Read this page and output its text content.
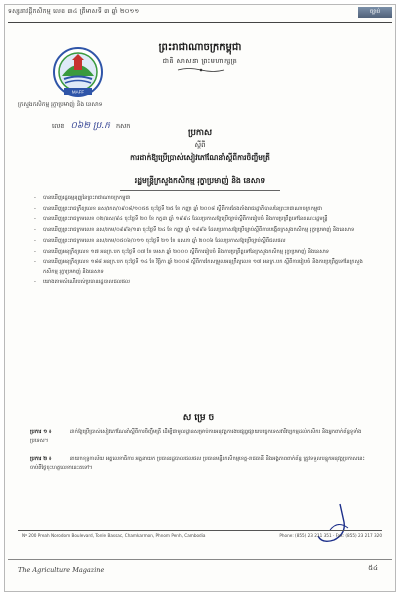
ទស្សនាវដ្ដីកសិកម្ម លេខ ៣៤ ត្រីមាសទី ៣ ឆ្នាំ ២០១១	ច្បាប់
MAFF
ព្រះរាជាណាចក្រកម្ពុជា
ជាតិ សាសនា ព្រះមហាក្សត្រ
ក្រសួងកសិកម្ម រុក្ខាប្រមាញ់ និង នេសាទ
លេខ ០៦២ ប្រ.ក កសក
ប្រកាស
ស្ដីពី
ការដាក់ឱ្យប្រើប្រាស់សៀវភៅណែនាំស្ដីពីការចិញ្ចឹមត្រី
រដ្ឋមន្ត្រីក្រសួងកសិកម្ម រុក្ខាប្រមាញ់ និង នេសាទ
- បានឃើញរដ្ឋធម្មនុញ្ញនៃព្រះរាជាណាចក្រកម្ពុជា
- បានឃើញព្រះរាជក្រឹត្យលេខ នស/រកត/០៩០៨/១០៥៥ ចុះថ្ងៃទី ២៥ ខែ កញ្ញា ឆ្នាំ ២០០៨ ស្ដីពីការតែងតាំងរាជរដ្ឋាភិបាលនៃព្រះរាជាណាចក្រកម្ពុជា
- បានឃើញព្រះរាជក្រមលេខ ០២/នស/៩៤ ចុះថ្ងៃទី ២០ ខែ កក្កដា ឆ្នាំ ១៩៩៤ ដែលប្រកាសឱ្យប្រើច្បាប់ស្ដីពីការរៀបចំ និងការប្រព្រឹត្តទៅនៃគណៈរដ្ឋមន្ត្រី
- បានឃើញព្រះរាជក្រមលេខ នស/រកម/០៩៩៦/១៣ ចុះថ្ងៃទី ២៤ ខែ កញ្ញា ឆ្នាំ ១៩៩៦ ដែលប្រកាសឱ្យប្រើច្បាប់ស្ដីពីការបង្កើតក្រសួងកសិកម្ម រុក្ខាប្រមាញ់ និងនេសាទ
- បានឃើញព្រះរាជក្រមលេខ នស/រកម/០៥០៦/០១១ ចុះថ្ងៃទី ២១ ខែ ឧសភា ឆ្នាំ ២០០៦ ដែលប្រកាសឱ្យប្រើច្បាប់ស្ដីពីជលផល
- បានឃើញអនុក្រឹត្យលេខ ១៧ អនក្រ.បក ចុះថ្ងៃទី ០៧ ខែ មេសា ឆ្នាំ ២០០០ ស្ដីពីការរៀបចំ និងការប្រព្រឹត្តទៅនៃក្រសួងកសិកម្ម រុក្ខាប្រមាញ់ និងនេសាទ
- បានឃើញអនុក្រឹត្យលេខ ១៨៨ អនក្រ.បក ចុះថ្ងៃទី ១៤ ខែ វិច្ឆិកា ឆ្នាំ ២០០៨ ស្ដីពីការកែសម្រួលអនុក្រឹត្យលេខ ១៧ អនក្រ.បក ស្ដីពីការរៀបចំ និងការប្រព្រឹត្តទៅនៃក្រសួងកសិកម្ម រុក្ខាប្រមាញ់ និងនេសាទ
- យោងតាមសំណើរបស់ប្រធានរដ្ឋបាលជលផល
សម្រេច
ប្រការ ១ ៖	ដាក់ឱ្យប្រើប្រាស់សៀវភៅណែនាំស្ដីពីការចិញ្ចឹមត្រី ដើម្បីជាមូលដ្ឋានសម្រាប់ការអនុវត្តការងារផ្សព្វផ្សាយបច្ចេកទេសវារីវប្បកម្មដល់កសិករ និងអ្នកពាក់ព័ន្ធទូទាំងប្រទេស។
ប្រការ ២ ៖	នាយកខុទ្ទកាល័យ អគ្គលេខាធិការ អគ្គនាយក ប្រធានរដ្ឋបាលជលផល ប្រធានមន្ទីរកសិកម្មខេត្ត-រាជធានី និងអង្គភាពពាក់ព័ន្ធ ត្រូវទទួលបន្ទុកអនុវត្តប្រកាសនេះ ចាប់ពីថ្ងៃចុះហត្ថលេខានេះតទៅ។
Nº 200 Preah Norodom Boulevard, Tonle Bassac, Chamkarmon, Phnom Penh, Cambodia	Phone: (855) 23 211 351 · Fax: (855) 23 217 320
The Agriculture Magazine	៥៤
